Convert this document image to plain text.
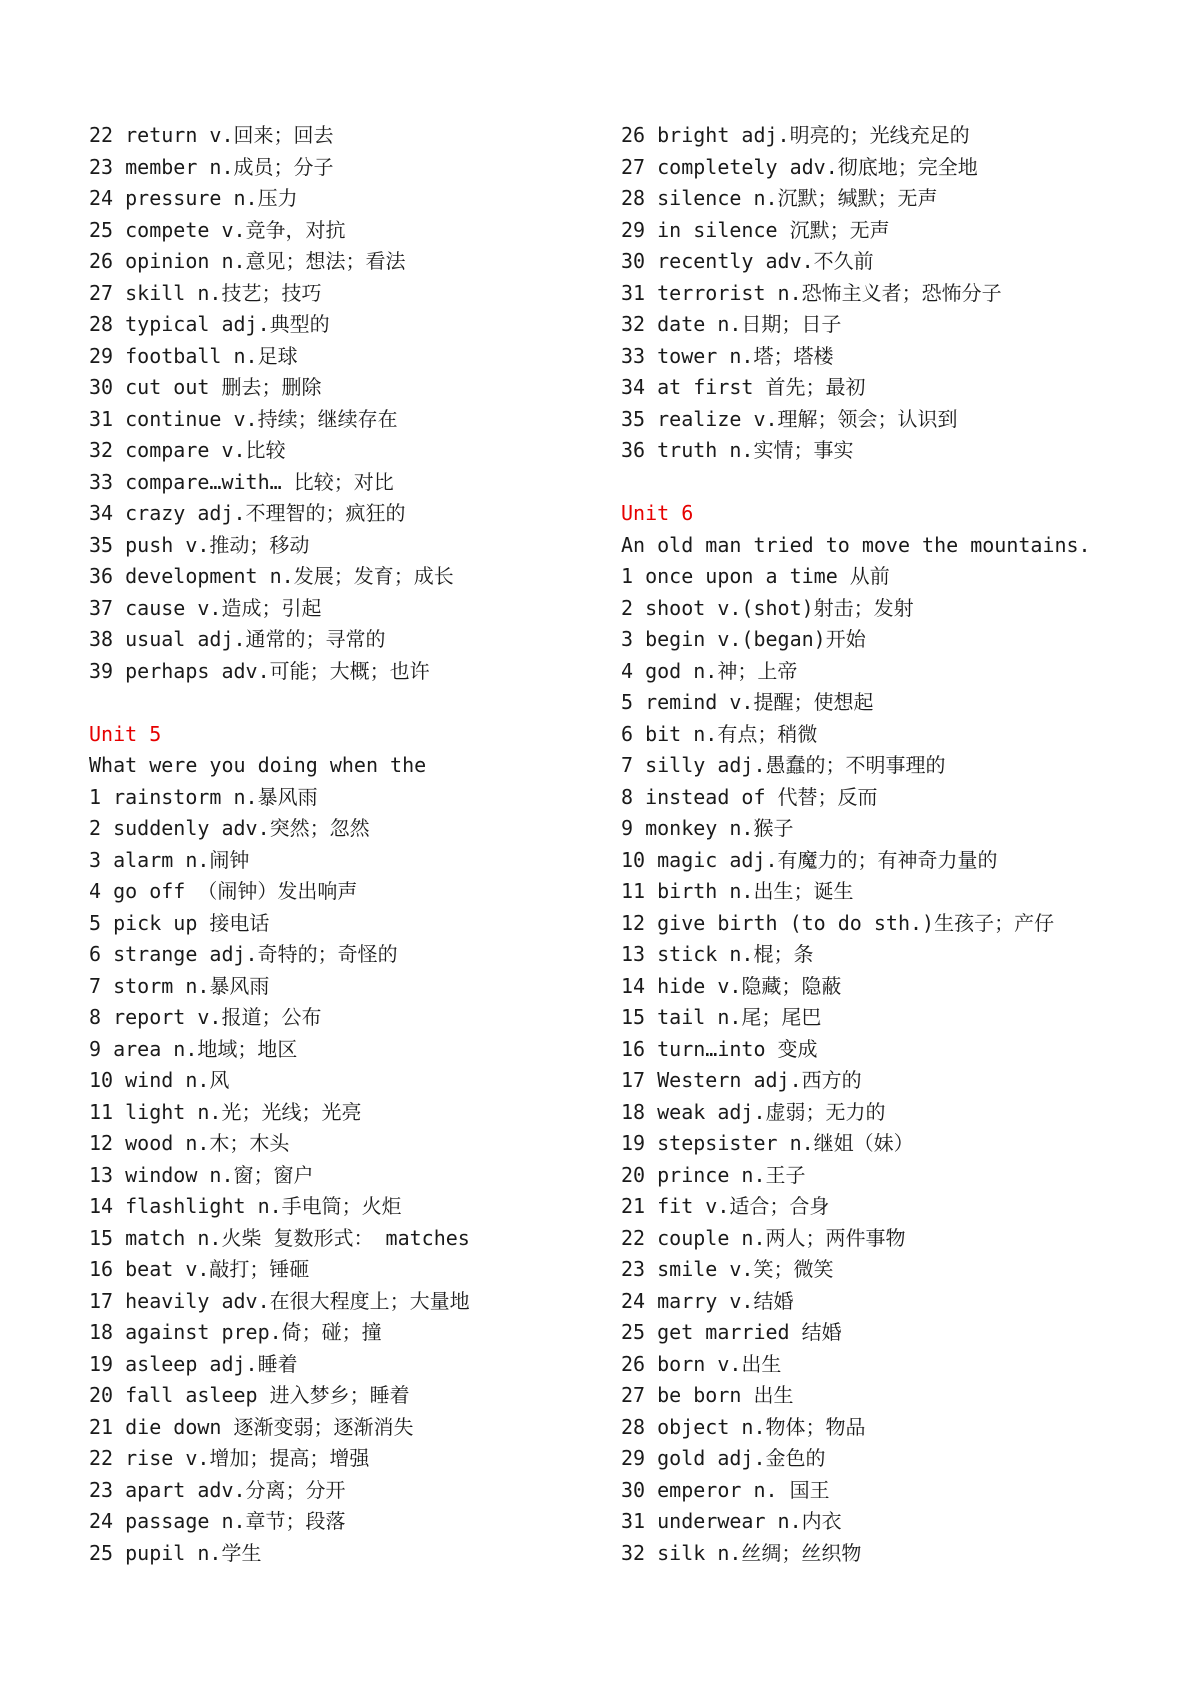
22 return v.回来；回去
23 member n.成员；分子
24 pressure n.压力
25 compete v.竞争，对抗
26 opinion n.意见；想法；看法
27 skill n.技艺；技巧
28 typical adj.典型的
29 football n.足球
30 cut out 删去；删除
31 continue v.持续；继续存在
32 compare v.比较
33 compare…with… 比较；对比
34 crazy adj.不理智的；疯狂的
35 push v.推动；移动
36 development n.发展；发育；成长
37 cause v.造成；引起
38 usual adj.通常的；寻常的
39 perhaps adv.可能；大概；也许
Unit 5
What were you doing when the
1 rainstorm n.暴风雨
2 suddenly adv.突然；忽然
3 alarm n.闹钟
4 go off （闹钟）发出响声
5 pick up 接电话
6 strange adj.奇特的；奇怪的
7 storm n.暴风雨
8 report v.报道；公布
9 area n.地域；地区
10 wind n.风
11 light n.光；光线；光亮
12 wood n.木；木头
13 window n.窗；窗户
14 flashlight n.手电筒；火炬
15 match n.火柴 复数形式： matches
16 beat v.敲打；锤砸
17 heavily adv.在很大程度上；大量地
18 against prep.倚；碰；撞
19 asleep adj.睡着
20 fall asleep 进入梦乡；睡着
21 die down 逐渐变弱；逐渐消失
22 rise v.增加；提高；增强
23 apart adv.分离；分开
24 passage n.章节；段落
25 pupil n.学生
26 bright adj.明亮的；光线充足的
27 completely adv.彻底地；完全地
28 silence n.沉默；缄默；无声
29 in silence 沉默；无声
30 recently adv.不久前
31 terrorist n.恐怖主义者；恐怖分子
32 date n.日期；日子
33 tower n.塔；塔楼
34 at first 首先；最初
35 realize v.理解；领会；认识到
36 truth n.实情；事实
Unit 6
An old man tried to move the mountains.
1 once upon a time 从前
2 shoot v.(shot)射击；发射
3 begin v.(began)开始
4 god n.神；上帝
5 remind v.提醒；使想起
6 bit n.有点；稍微
7 silly adj.愚蠢的；不明事理的
8 instead of 代替；反而
9 monkey n.猴子
10 magic adj.有魔力的；有神奇力量的
11 birth n.出生；诞生
12 give birth (to do sth.)生孩子；产仔
13 stick n.棍；条
14 hide v.隐藏；隐蔽
15 tail n.尾；尾巴
16 turn…into 变成
17 Western adj.西方的
18 weak adj.虚弱；无力的
19 stepsister n.继姐（妹）
20 prince n.王子
21 fit v.适合；合身
22 couple n.两人；两件事物
23 smile v.笑；微笑
24 marry v.结婚
25 get married 结婚
26 born v.出生
27 be born 出生
28 object n.物体；物品
29 gold adj.金色的
30 emperor n. 国王
31 underwear n.内衣
32 silk n.丝绸；丝织物
